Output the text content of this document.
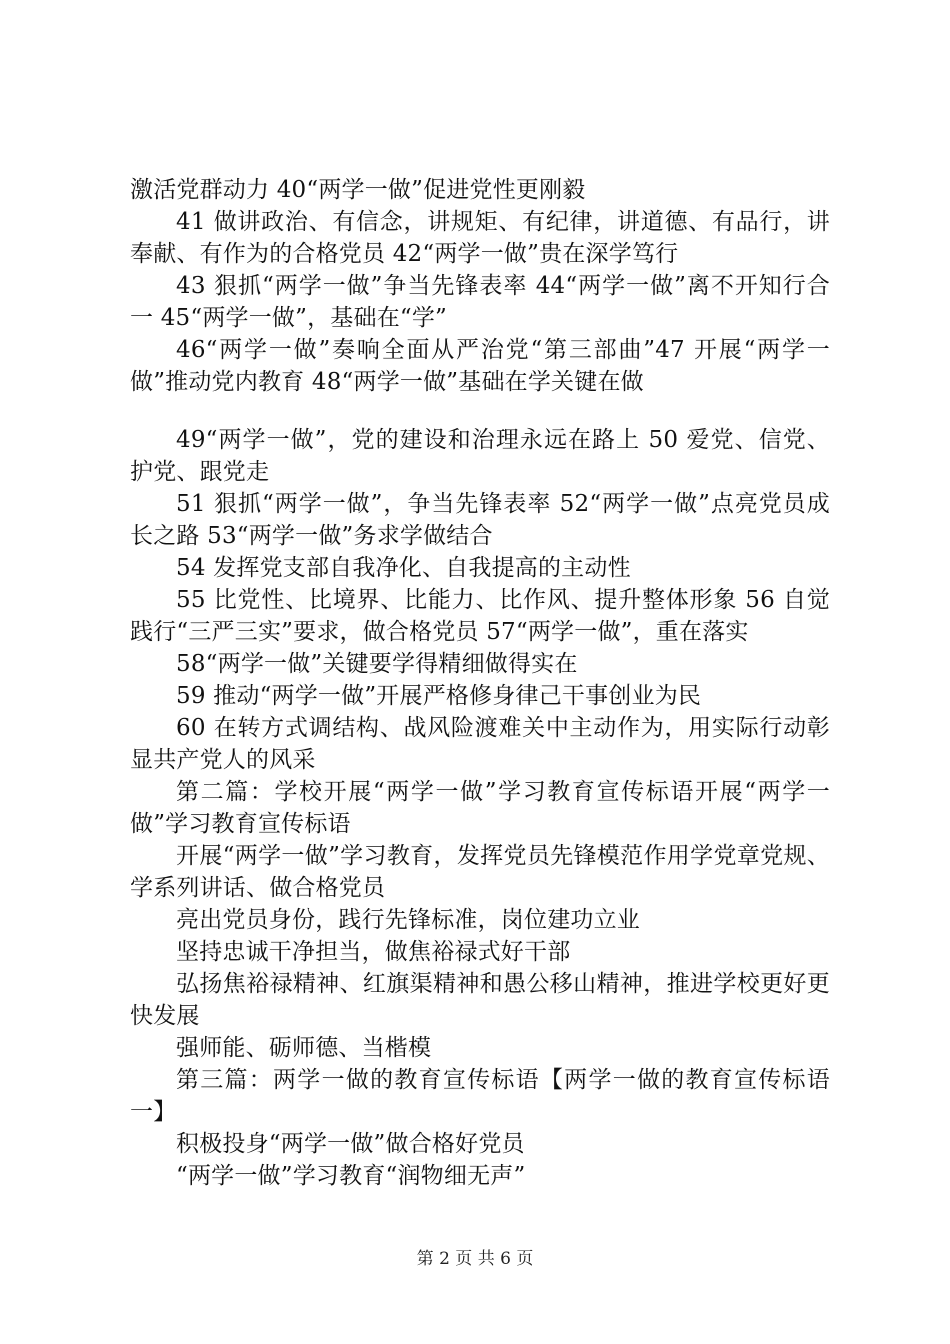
激活党群动力 40“两学一做”促进党性更刚毅

41 做讲政治、有信念，讲规矩、有纪律，讲道德、有品行，讲奉献、有作为的合格党员 42“两学一做”贵在深学笃行

43 狠抓“两学一做”争当先锋表率 44“两学一做”离不开知行合一 45“两学一做”，基础在“学”

46“两学一做”奏响全面从严治党“第三部曲”47 开展“两学一做”推动党内教育 48“两学一做”基础在学关键在做

49“两学一做”，党的建设和治理永远在路上 50 爱党、信党、护党、跟党走

51 狠抓“两学一做”，争当先锋表率 52“两学一做”点亮党员成长之路 53“两学一做”务求学做结合

54 发挥党支部自我净化、自我提高的主动性

55 比党性、比境界、比能力、比作风、提升整体形象 56 自觉践行“三严三实”要求，做合格党员 57“两学一做”，重在落实

58“两学一做”关键要学得精细做得实在

59 推动“两学一做”开展严格修身律己干事创业为民

60 在转方式调结构、战风险渡难关中主动作为，用实际行动彰显共产党人的风采

第二篇：学校开展“两学一做”学习教育宣传标语开展“两学一做”学习教育宣传标语

开展“两学一做”学习教育，发挥党员先锋模范作用学党章党规、学系列讲话、做合格党员

亮出党员身份，践行先锋标准，岗位建功立业

坚持忠诚干净担当，做焦裕禄式好干部

弘扬焦裕禄精神、红旗渠精神和愚公移山精神，推进学校更好更快发展

强师能、砺师德、当楷模

第三篇：两学一做的教育宣传标语【两学一做的教育宣传标语一】

积极投身“两学一做”做合格好党员

“两学一做”学习教育“润物细无声”

第 2 页 共 6 页
